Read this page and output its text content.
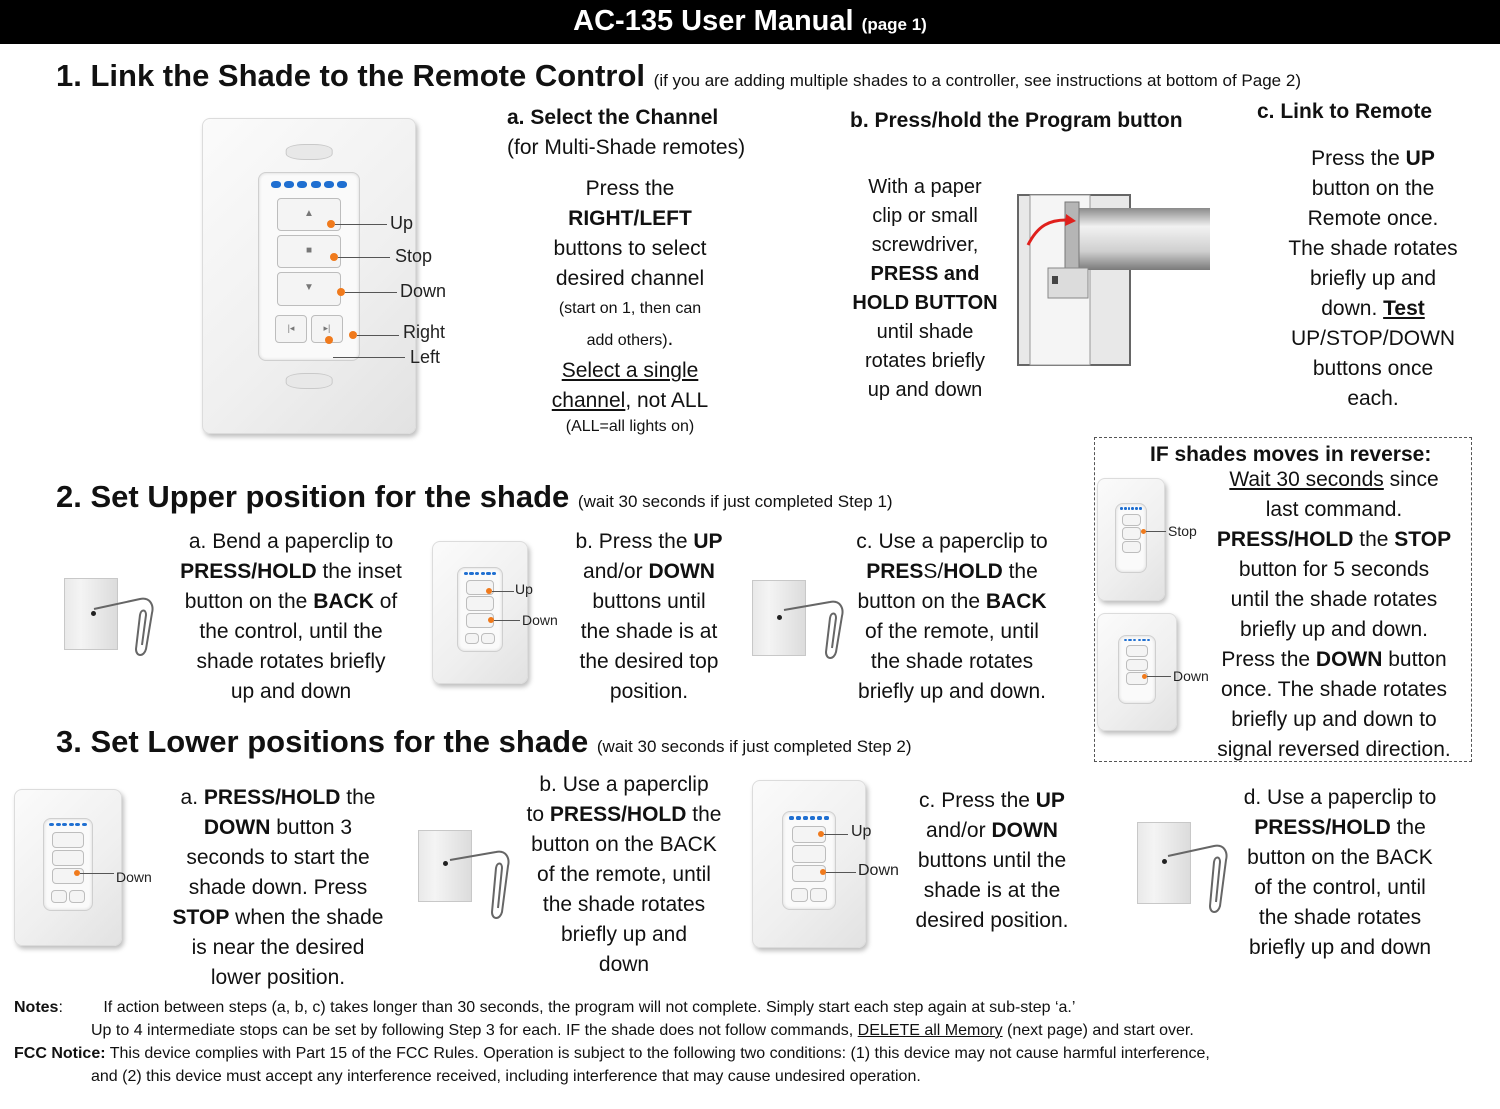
AC-135 User Manual (page 1)
1. Link the Shade to the Remote Control (if you are adding multiple shades to a controller, see instructions at bottom of Page 2)
▲
■
▼
|◂	▸|
Up
Stop
Down
Right
Left
a. Select the Channel
(for Multi-Shade remotes)
Press the
RIGHT/LEFT
buttons to select
desired channel
(start on 1, then can
add others).
Select a single
channel, not ALL
(ALL=all lights on)
b. Press/hold the Program button
With a paper
clip or small
screwdriver,
PRESS and
HOLD BUTTON
until shade
rotates briefly
up and down
c. Link to Remote
Press the UP
button on the
Remote once.
The shade rotates
briefly up and
down. Test
UP/STOP/DOWN
buttons once
each.
IF shades moves in reverse:
Stop
Down
Wait 30 seconds since
last command.
PRESS/HOLD the STOP
button for 5 seconds
until the shade rotates
briefly up and down.
Press the DOWN button
once. The shade rotates
briefly up and down to
signal reversed direction.
2. Set Upper position for the shade (wait 30 seconds if just completed Step 1)
a. Bend a paperclip to
PRESS/HOLD the inset
button on the BACK of
the control, until the
shade rotates briefly
up and down
Up
Down
b. Press the UP
and/or DOWN
buttons until
the shade is at
the desired top
position.
c. Use a paperclip to
PRESS/HOLD the
button on the BACK
of the remote, until
the shade rotates
briefly up and down.
3. Set Lower positions for the shade (wait 30 seconds if just completed Step 2)
Down
a. PRESS/HOLD the
DOWN button 3
seconds to start the
shade down. Press
STOP when the shade
is near the desired
lower position.
b. Use a paperclip
to PRESS/HOLD the
button on the BACK
of the remote, until
the shade rotates
briefly up and
down
Up
Down
c. Press the UP
and/or DOWN
buttons until the
shade is at the
desired position.
d. Use a paperclip to
PRESS/HOLD the
button on the BACK
of the control, until
the shade rotates
briefly up and down
Notes:	If action between steps (a, b, c) takes longer than 30 seconds, the program will not complete. Simply start each step again at sub-step ‘a.’
Up to 4 intermediate stops can be set by following Step 3 for each. IF the shade does not follow commands, DELETE all Memory (next page) and start over.
FCC Notice: This device complies with Part 15 of the FCC Rules. Operation is subject to the following two conditions: (1) this device may not cause harmful interference,
and (2) this device must accept any interference received, including interference that may cause undesired operation.
